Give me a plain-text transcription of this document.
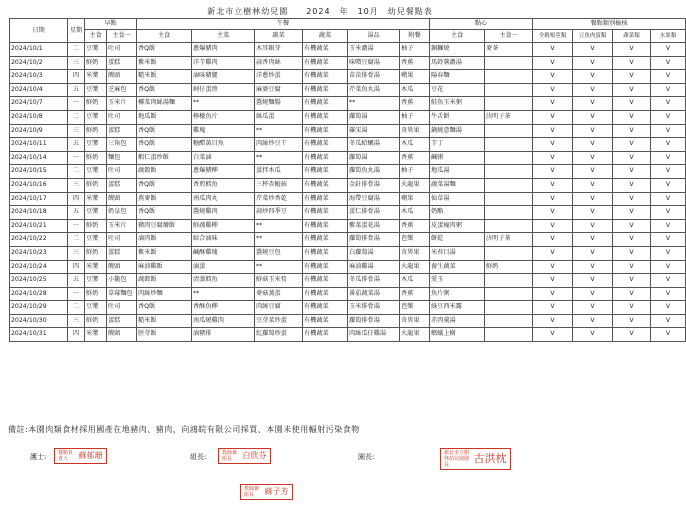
新北市立樹林幼兒園　　2024　年　10月　幼兒餐點表
日期	星期	早點		午餐						點心		餐點類別檢核			
		主食	主食一	主食	主菜	副菜	蔬菜	湯品	附餐	主食	主食一	全穀根莖類	豆魚肉蛋類	蔬菜類	水果類
2024/10/1	二	豆漿	吐司	香Q飯	蔥爆豬肉	木耳銀芽	有機蔬菜	玉米濃湯	柚子	銅鑼燒	麥茶	V	V	V	V
2024/10/2	三	鮮奶	蛋糕	紫米飯	洋芋雞肉	蒜香肉絲	有機蔬菜	味噌豆腐湯	香蕉	馬鈴薯濃湯		V	V	V	V
2024/10/3	四	米漿	饅頭	糙米飯	滷味豬腿	洋蔥炒蛋	有機蔬菜	苗苗排骨湯	蘋果	陽春麵		V	V	V	V
2024/10/4	五	豆漿	芝麻包	香Q飯	蚵仔蛋煎	麻婆豆腐	有機蔬菜	芹菜魚丸湯	木瓜	豆花		V	V	V	V
2024/10/7	一	鮮奶	玉米片	椰菜肉絲湯麵	**	醬燒麵腸	有機蔬菜	**	香蕉	鮭魚玉米粥		V	V	V	V
2024/10/8	二	豆漿	吐司	地瓜飯	檸檬魚片	絲瓜蛋	有機蔬菜	蘿蔔湯	柚子	牛舌餅	決明子茶	V	V	V	V
2024/10/9	三	鮮奶	蛋糕	香Q飯	雞塊	**	有機蔬菜	羅宋湯	奇異果	鍋燒意麵湯		V	V	V	V
2024/10/11	五	豆漿	三角包	香Q飯	糖醋黃目魚	肉絲炒豆干	有機蔬菜	冬瓜蛤蠣湯	木瓜	芋丁		V	V	V	V
2024/10/14	一	鮮奶	麵包	蝦仁蛋炒飯	白菜滷	**	有機蔬菜	蘿蔔湯	香蕉	鹹粥		V	V	V	V
2024/10/15	二	豆漿	吐司	蔬穀飯	蔥爆豬柳	蛋拌木瓜	有機蔬菜	蘿蔔魚丸湯	柚子	地瓜湯		V	V	V	V
2024/10/16	三	鮮奶	蛋糕	香Q飯	香煎鱈魚	三杯杏鮑菇	有機蔬菜	金針排骨湯	火龍果	蔬菜湯麵		V	V	V	V
2024/10/17	四	米漿	饅頭	燕麥飯	南瓜肉丸	芹菜炒香乾	有機蔬菜	海帶豆腐湯	蘋果	仙草湯		V	V	V	V
2024/10/18	五	豆漿	奶皇包	香Q飯	醬燒雞肉	蒜炒四季豆	有機蔬菜	蛋仁排骨湯	木瓜	奶酪		V	V	V	V
2024/10/21	一	鮮奶	玉米片	豬肉豆腐燴飯	鮮蔬雞柳	**	有機蔬菜	紫菜蛋花湯	香蕉	皮蛋瘦肉粥		V	V	V	V
2024/10/22	二	豆漿	吐司	滷肉飯	綜合滷味	**	有機蔬菜	蘿蔔排骨湯	芭樂	餅乾	決明子茶	V	V	V	V
2024/10/23	三	鮮奶	蛋糕	紫米飯	鹹酥雞塊	醬燒豆包	有機蔬菜	白蘿蔔湯	奇異果	米苔目湯		V	V	V	V
2024/10/24	四	米漿	饅頭	麻油雞飯	滷蛋	**	有機蔬菜	麻油雞湯	火龍果	養生蔬菜	鮮奶	V	V	V	V
2024/10/25	五	豆漿	小籠包	蔬穀飯	清蒸鱈魚	鮮菇玉米筍	有機蔬菜	冬瓜排骨湯	木瓜	愛玉		V	V	V	V
2024/10/28	一	鮮奶	草莓麵包	肉絲炒麵	**	麥菇蒸蛋	有機蔬菜	番茄蔬菜湯	香蕉	魚片粥		V	V	V	V
2024/10/29	二	豆漿	吐司	香Q飯	香酥魚柳	肉絲豆腐	有機蔬菜	玉米排骨湯	芭樂	綠豆西米露		V	V	V	V
2024/10/30	三	鮮奶	蛋糕	糙米飯	南瓜燒雞肉	豆芽菜炒蛋	有機蔬菜	蘿蔔排骨湯	奇異果	赤肉羹湯		V	V	V	V
2024/10/31	四	米漿	饅頭	胚芽飯	滷豬排	紅蘿蔔炒蛋	有機蔬菜	肉絲瓜仔雞湯	火龍果	螞蟻上樹		V	V	V	V
備註:本園肉類食材採用國產在地豬肉、豬肉，向鴻皖有限公司採買、本園未使用輻射污染食物
護士:	餐點負責人 蘇郁珊	組長:	教師兼組長 白欣芬
教師兼組長 蘇子芳
園長:	新北市立樹林幼兒園園長 古洪枕
